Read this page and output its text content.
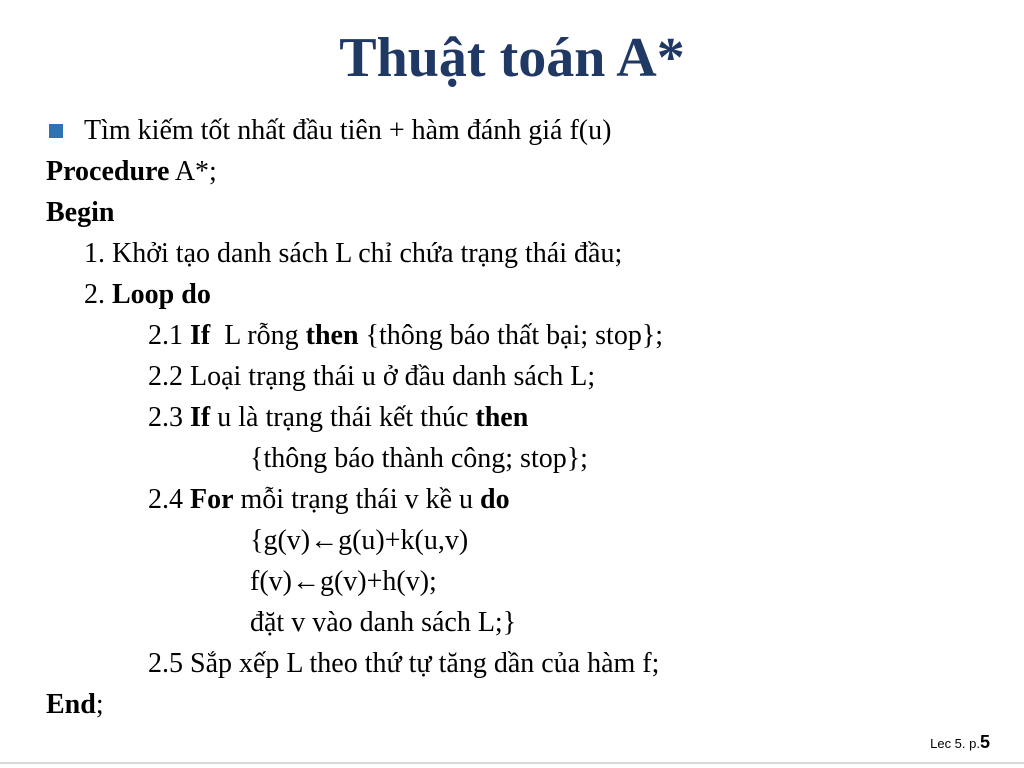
Thuật toán A*
Tìm kiếm tốt nhất đầu tiên + hàm đánh giá f(u)
Procedure A*;
Begin
1. Khởi tạo danh sách L chỉ chứa trạng thái đầu;
2. Loop do
2.1 If  L rỗng then {thông báo thất bại; stop};
2.2 Loại trạng thái u ở đầu danh sách L;
2.3 If u là trạng thái kết thúc then
{thông báo thành công; stop};
2.4 For mỗi trạng thái v kề u do
{g(v)←g(u)+k(u,v)
f(v)←g(v)+h(v);
đặt v vào danh sách L;}
2.5 Sắp xếp L theo thứ tự tăng dần của hàm f;
End;
Lec 5. p.5
